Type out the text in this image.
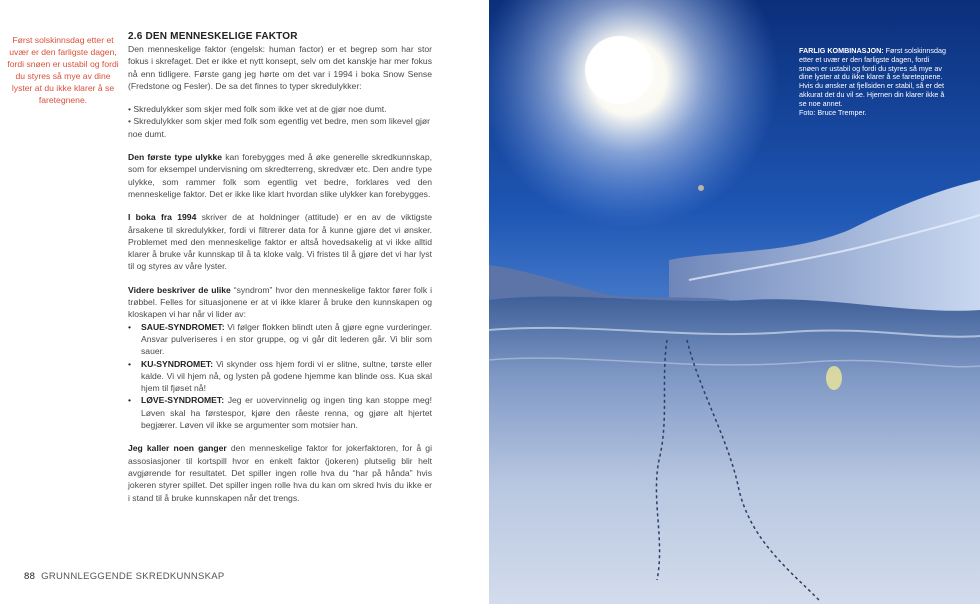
Først solskinnsdag etter et uvær er den farligste dagen, fordi snøen er ustabil og fordi du styres så mye av dine lyster at du ikke klarer å se faretegnene.
2.6 DEN MENNESKELIGE FAKTOR

Den menneskelige faktor (engelsk: human factor) er et begrep som har stor fokus i skrefaget. Det er ikke et nytt konsept, selv om det kanskje har mer fokus nå enn tidligere. Første gang jeg hørte om det var i 1994 i boka Snow Sense (Fredstone og Fesler). De sa det finnes to typer skredulykker:

• Skredulykker som skjer med folk som ikke vet at de gjør noe dumt.
• Skredulykker som skjer med folk som egentlig vet bedre, men som likevel gjør noe dumt.

Den første type ulykke kan forebygges med å øke generelle skredkunnskap, som for eksempel undervisning om skredterreng, skredvær etc. Den andre type ulykke, som rammer folk som egentlig vet bedre, forklares ved den menneskelige faktor. Det er ikke like klart hvordan slike ulykker kan forebygges.

I boka fra 1994 skriver de at holdninger (attitude) er en av de viktigste årsakene til skredulykker, fordi vi filtrerer data for å kunne gjøre det vi ønsker. Problemet med den menneskelige faktor er altså hovedsakelig at vi ikke alltid klarer å bruke vår kunnskap til å ta kloke valg. Vi fristes til å gjøre det vi har lyst til og styres av våre lyster.

Videre beskriver de ulike “syndrom” hvor den menneskelige faktor fører folk i trøbbel. Felles for situasjonene er at vi ikke klarer å bruke den kunnskapen og kloskapen vi har når vi lider av:

• SAUE-SYNDROMET: Vi følger flokken blindt uten å gjøre egne vurderinger. Ansvar pulveriseres i en stor gruppe, og vi går dit lederen går. Vi blir som sauer.
• KU-SYNDROMET: Vi skynder oss hjem fordi vi er slitne, sultne, tørste eller kalde. Vi vil hjem nå, og lysten på godene hjemme kan blinde oss. Kua skal hjem til fjøset nå!
• LØVE-SYNDROMET: Jeg er uovervinnelig og ingen ting kan stoppe meg! Løven skal ha førstespor, kjøre den råeste renna, og gjøre alt hjertet begjærer. Løven vil ikke se argumenter som motsier han.

Jeg kaller noen ganger den menneskelige faktor for jokerfaktoren, for å gi assosiasjoner til kortspill hvor en enkelt faktor (jokeren) plutselig blir helt avgjørende for resultatet. Det spiller ingen rolle hva du “har på hånda” hvis jokeren styrer spillet. Det spiller ingen rolle hva du kan om skred hvis du ikke er i stand til å bruke kunnskapen når det trengs.

88 GRUNNLEGGENDE SKREDKUNNSKAP
FARLIG KOMBINASJON: Først solskinnsdag etter et uvær er den farligste dagen, fordi snøen er ustabil og fordi du styres så mye av dine lyster at du ikke klarer å se faretegnene. Hvis du ønsker at fjellsiden er stabil, så er det akkurat det du vil se. Hjernen din klarer ikke å se noe annet.
Foto: Bruce Tremper.
